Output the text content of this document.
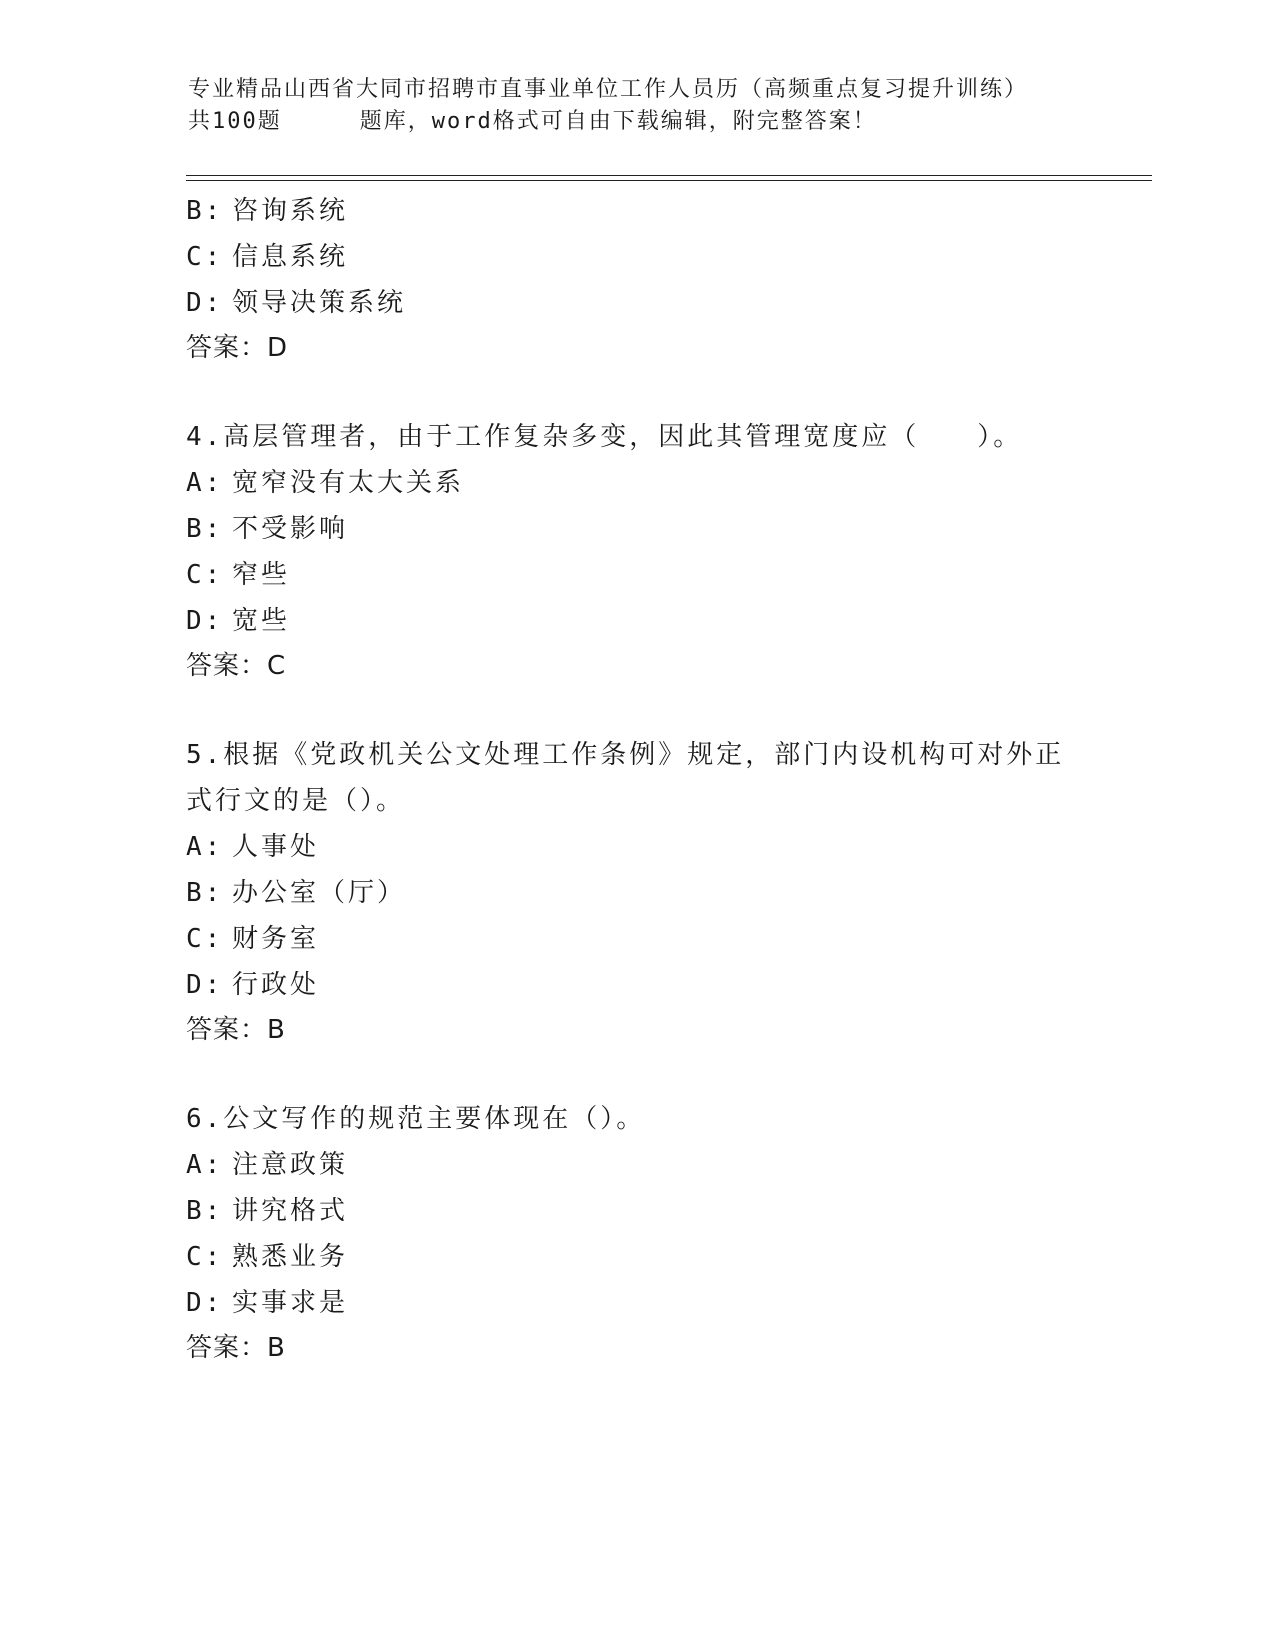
专业精品山西省大同市招聘市直事业单位工作人员历（高频重点复习提升训练）
共100题	题库，word格式可自由下载编辑，附完整答案！
B: 咨询系统
C: 信息系统
D: 领导决策系统
答案：D
4.高层管理者，由于工作复杂多变，因此其管理宽度应（　　）。
A: 宽窄没有太大关系
B: 不受影响
C: 窄些
D: 宽些
答案：C
5.根据《党政机关公文处理工作条例》规定，部门内设机构可对外正式行文的是（）。
A: 人事处
B: 办公室（厅）
C: 财务室
D: 行政处
答案：B
6.公文写作的规范主要体现在（）。
A: 注意政策
B: 讲究格式
C: 熟悉业务
D: 实事求是
答案：B
